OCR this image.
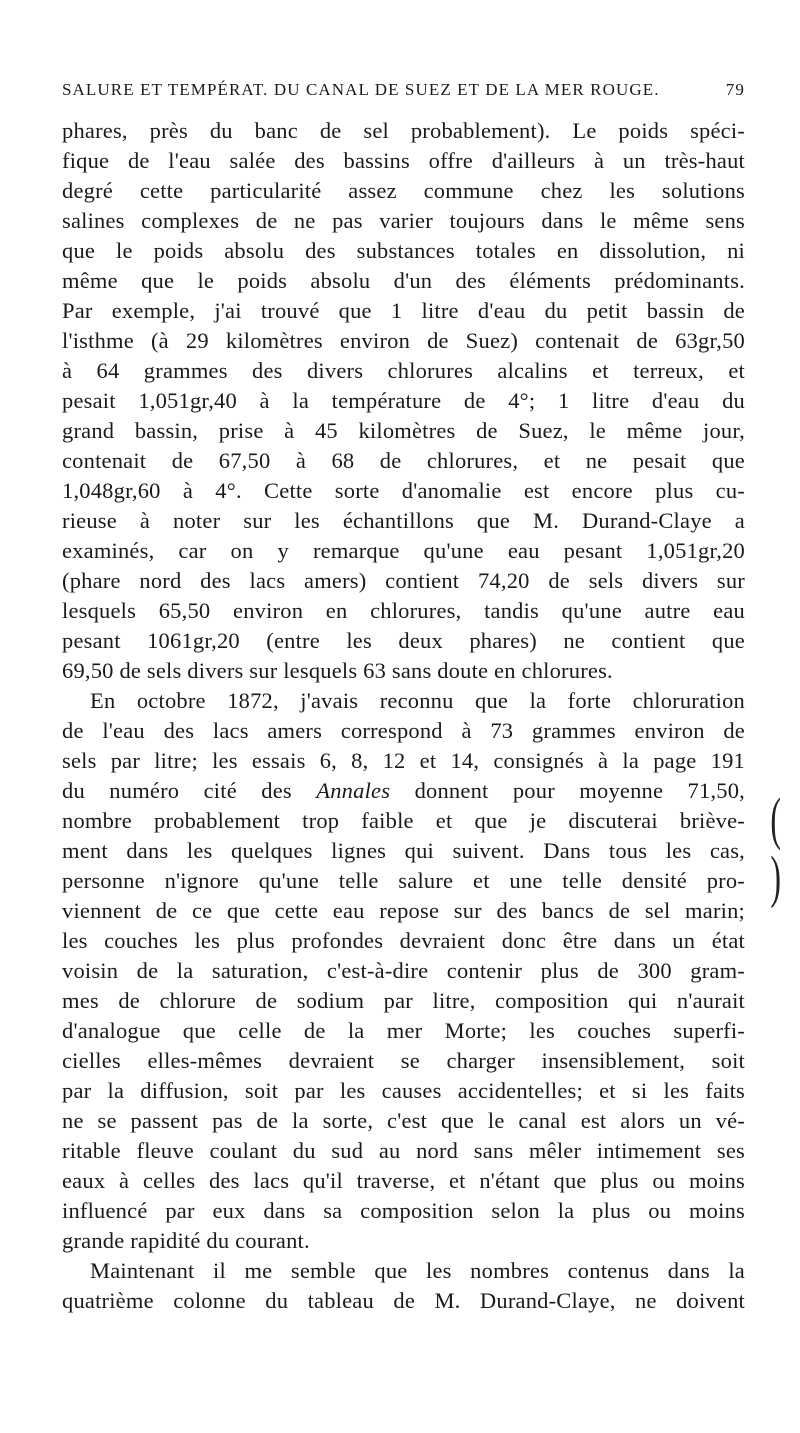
SALURE ET TEMPÉRAT. DU CANAL DE SUEZ ET DE LA MER ROUGE.	79
phares, près du banc de sel probablement). Le poids spéci-
fique de l'eau salée des bassins offre d'ailleurs à un très-haut
degré cette particularité assez commune chez les solutions
salines complexes de ne pas varier toujours dans le même sens
que le poids absolu des substances totales en dissolution, ni
même que le poids absolu d'un des éléments prédominants.
Par exemple, j'ai trouvé que 1 litre d'eau du petit bassin de
l'isthme (à 29 kilomètres environ de Suez) contenait de 63gr,50
à 64 grammes des divers chlorures alcalins et terreux, et
pesait 1,051gr,40 à la température de 4°; 1 litre d'eau du
grand bassin, prise à 45 kilomètres de Suez, le même jour,
contenait de 67,50 à 68 de chlorures, et ne pesait que
1,048gr,60 à 4°. Cette sorte d'anomalie est encore plus cu-
rieuse à noter sur les échantillons que M. Durand-Claye a
examinés, car on y remarque qu'une eau pesant 1,051gr,20
(phare nord des lacs amers) contient 74,20 de sels divers sur
lesquels 65,50 environ en chlorures, tandis qu'une autre eau
pesant 1061gr,20 (entre les deux phares) ne contient que
69,50 de sels divers sur lesquels 63 sans doute en chlorures.
En octobre 1872, j'avais reconnu que la forte chloruration
de l'eau des lacs amers correspond à 73 grammes environ de
sels par litre; les essais 6, 8, 12 et 14, consignés à la page 191
du numéro cité des Annales donnent pour moyenne 71,50,
nombre probablement trop faible et que je discuterai briève-
ment dans les quelques lignes qui suivent. Dans tous les cas,
personne n'ignore qu'une telle salure et une telle densité pro-
viennent de ce que cette eau repose sur des bancs de sel marin;
les couches les plus profondes devraient donc être dans un état
voisin de la saturation, c'est-à-dire contenir plus de 300 gram-
mes de chlorure de sodium par litre, composition qui n'aurait
d'analogue que celle de la mer Morte; les couches superfi-
cielles elles-mêmes devraient se charger insensiblement, soit
par la diffusion, soit par les causes accidentelles; et si les faits
ne se passent pas de la sorte, c'est que le canal est alors un vé-
ritable fleuve coulant du sud au nord sans mêler intimement ses
eaux à celles des lacs qu'il traverse, et n'étant que plus ou moins
influencé par eux dans sa composition selon la plus ou moins
grande rapidité du courant.
Maintenant il me semble que les nombres contenus dans la
quatrième colonne du tableau de M. Durand-Claye, ne doivent
(
)
